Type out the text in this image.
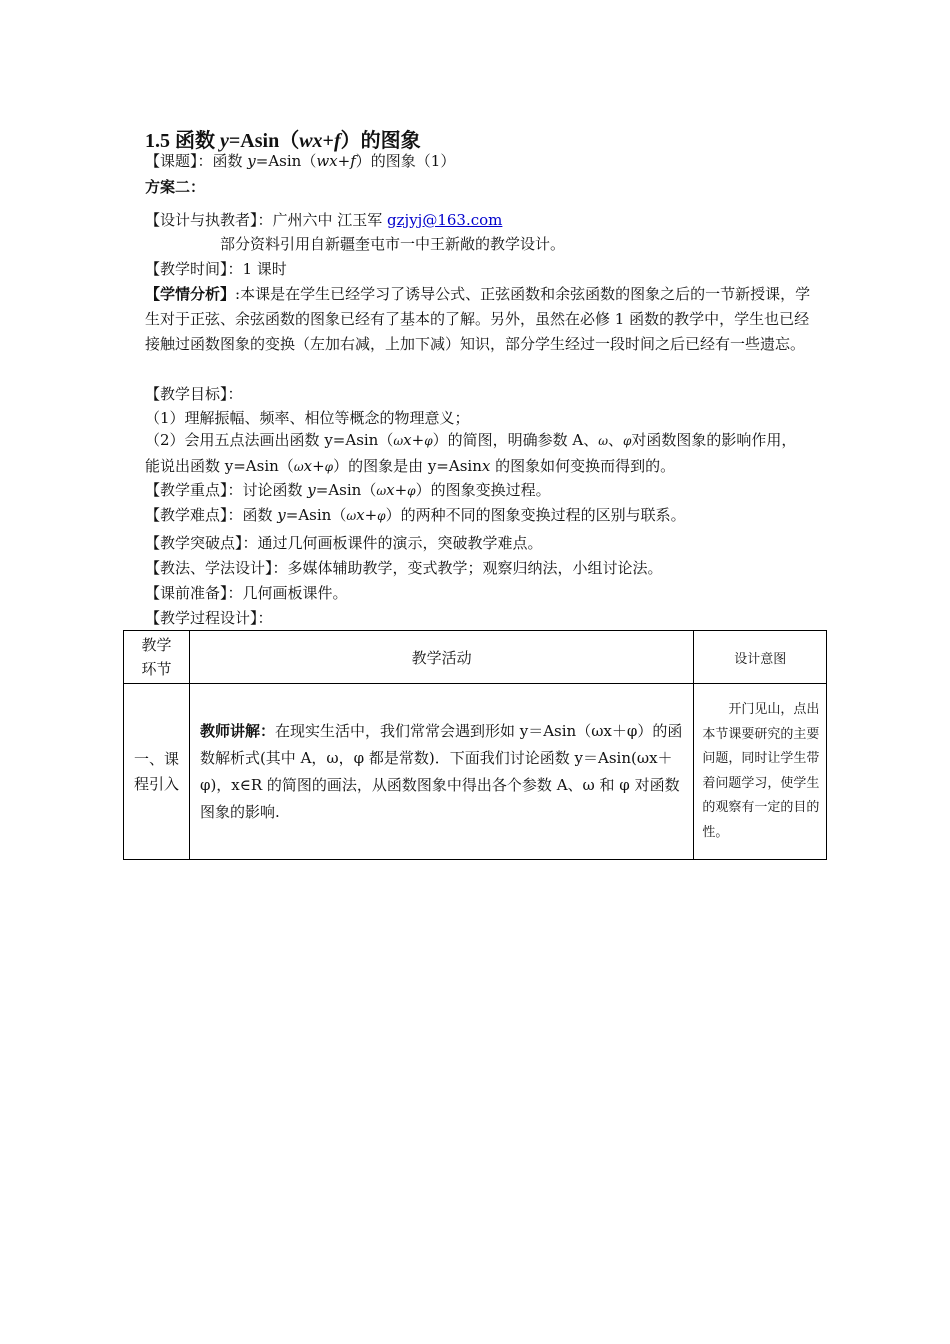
1.5 函数 y=Asin（wx+f）的图象
【课题】：函数 y=Asin（wx+f）的图象（1）
方案二：
【设计与执教者】：广州六中 江玉军 gzjyj@163.com
部分资料引用自新疆奎屯市一中王新敞的教学设计。
【教学时间】：1 课时
【学情分析】:本课是在学生已经学习了诱导公式、正弦函数和余弦函数的图象之后的一节新授课，学生对于正弦、余弦函数的图象已经有了基本的了解。另外，虽然在必修 1 函数的教学中，学生也已经接触过函数图象的变换（左加右减，上加下减）知识，部分学生经过一段时间之后已经有一些遗忘。
【教学目标】：
（1）理解振幅、频率、相位等概念的物理意义；
（2）会用五点法画出函数 y=Asin（ωx+φ）的简图，明确参数 A、ω、φ对函数图象的影响作用，
能说出函数 y=Asin（ωx+φ）的图象是由 y=Asinx 的图象如何变换而得到的。
【教学重点】：讨论函数 y=Asin（ωx+φ）的图象变换过程。
【教学难点】：函数 y=Asin（ωx+φ）的两种不同的图象变换过程的区别与联系。
【教学突破点】：通过几何画板课件的演示，突破教学难点。
【教法、学法设计】：多媒体辅助教学，变式教学；观察归纳法，小组讨论法。
【课前准备】：几何画板课件。
【教学过程设计】：
教学环节	教学活动	设计意图

一、课程引入	教师讲解：在现实生活中，我们常常会遇到形如 y＝Asin（ωx＋φ）的函数解析式(其中 A，ω，φ 都是常数)．下面我们讨论函数 y＝Asin(ωx＋φ)，x∈R 的简图的画法，从函数图象中得出各个参数 A、ω 和 φ 对函数图象的影响.	开门见山，点出本节课要研究的主要问题，同时让学生带着问题学习，使学生的观察有一定的目的性。
